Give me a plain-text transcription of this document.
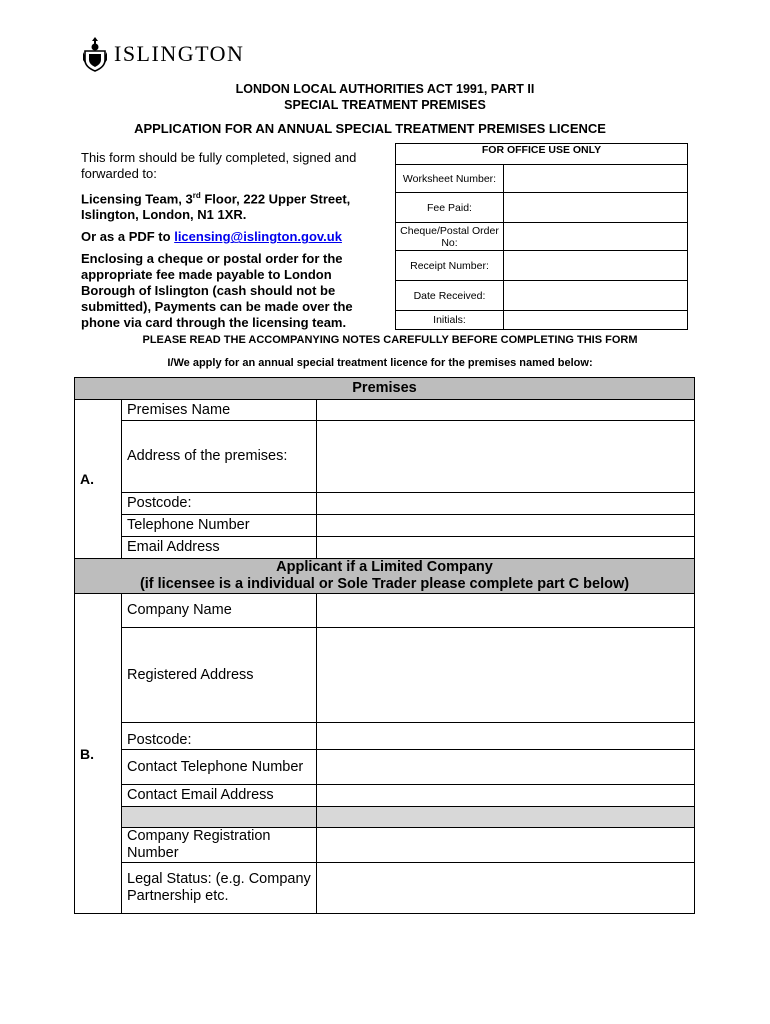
ISLINGTON
LONDON LOCAL AUTHORITIES ACT 1991, PART II
SPECIAL TREATMENT PREMISES
APPLICATION FOR AN ANNUAL SPECIAL TREATMENT PREMISES LICENCE

This form should be fully completed, signed and forwarded to:

Licensing Team, 3rd Floor, 222 Upper Street, Islington, London, N1 1XR.

Or as a PDF to licensing@islington.gov.uk

Enclosing a cheque or postal order for the appropriate fee made payable to London Borough of Islington (cash should not be submitted), Payments can be made over the phone via card through the licensing team.

FOR OFFICE USE ONLY	
Worksheet Number:	
Fee Paid:	
Cheque/Postal Order No:	
Receipt Number:	
Date Received:	
Initials:	
PLEASE READ THE ACCOMPANYING NOTES CAREFULLY BEFORE COMPLETING THIS FORM
I/We apply for an annual special treatment licence for the premises named below:
Premises		
A.	Premises Name	
	Address of the premises:	
	Postcode:	
	Telephone Number	
	Email Address	

Applicant if a Limited Company
(if licensee is a individual or Sole Trader please complete part C below)		

B.	Company Name	
	Registered Address	
	Postcode:	
	Contact Telephone Number	
	Contact Email Address	

	Company Registration Number	
	Legal Status: (e.g. Company Partnership etc.	
